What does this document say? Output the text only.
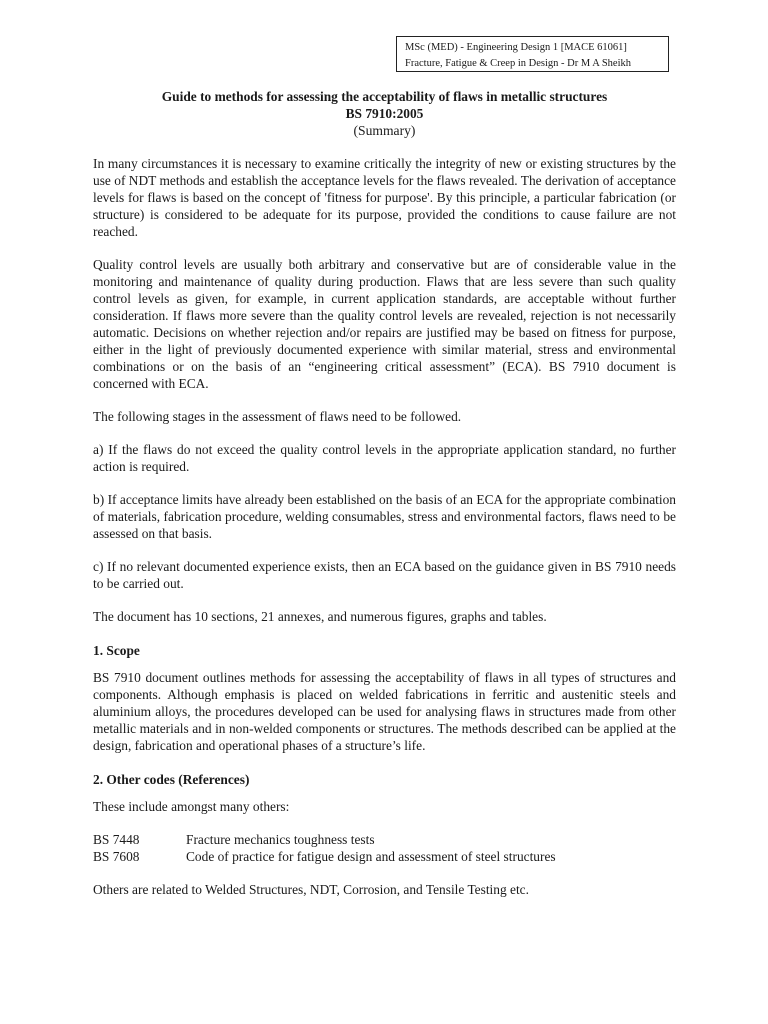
MSc (MED) - Engineering Design 1 [MACE 61061]
Fracture, Fatigue & Creep in Design - Dr M A Sheikh
Guide to methods for assessing the acceptability of flaws in metallic structures
BS 7910:2005
(Summary)

In many circumstances it is necessary to examine critically the integrity of new or existing structures by the use of NDT methods and establish the acceptance levels for the flaws revealed. The derivation of acceptance levels for flaws is based on the concept of 'fitness for purpose'. By this principle, a particular fabrication (or structure) is considered to be adequate for its purpose, provided the conditions to cause failure are not reached.

Quality control levels are usually both arbitrary and conservative but are of considerable value in the monitoring and maintenance of quality during production. Flaws that are less severe than such quality control levels as given, for example, in current application standards, are acceptable without further consideration. If flaws more severe than the quality control levels are revealed, rejection is not necessarily automatic. Decisions on whether rejection and/or repairs are justified may be based on fitness for purpose, either in the light of previously documented experience with similar material, stress and environmental combinations or on the basis of an “engineering critical assessment” (ECA). BS 7910 document is concerned with ECA.

The following stages in the assessment of flaws need to be followed.

a) If the flaws do not exceed the quality control levels in the appropriate application standard, no further action is required.

b) If acceptance limits have already been established on the basis of an ECA for the appropriate combination of materials, fabrication procedure, welding consumables, stress and environmental factors, flaws need to be assessed on that basis.

c) If no relevant documented experience exists, then an ECA based on the guidance given in BS 7910 needs to be carried out.

The document has 10 sections, 21 annexes, and numerous figures, graphs and tables.

1. Scope

BS 7910 document outlines methods for assessing the acceptability of flaws in all types of structures and components. Although emphasis is placed on welded fabrications in ferritic and austenitic steels and aluminium alloys, the procedures developed can be used for analysing flaws in structures made from other metallic materials and in non-welded components or structures. The methods described can be applied at the design, fabrication and operational phases of a structure’s life.

2. Other codes (References)

These include amongst many others:

BS 7448	Fracture mechanics toughness tests
BS 7608	Code of practice for fatigue design and assessment of steel structures

Others are related to Welded Structures, NDT, Corrosion, and Tensile Testing etc.
